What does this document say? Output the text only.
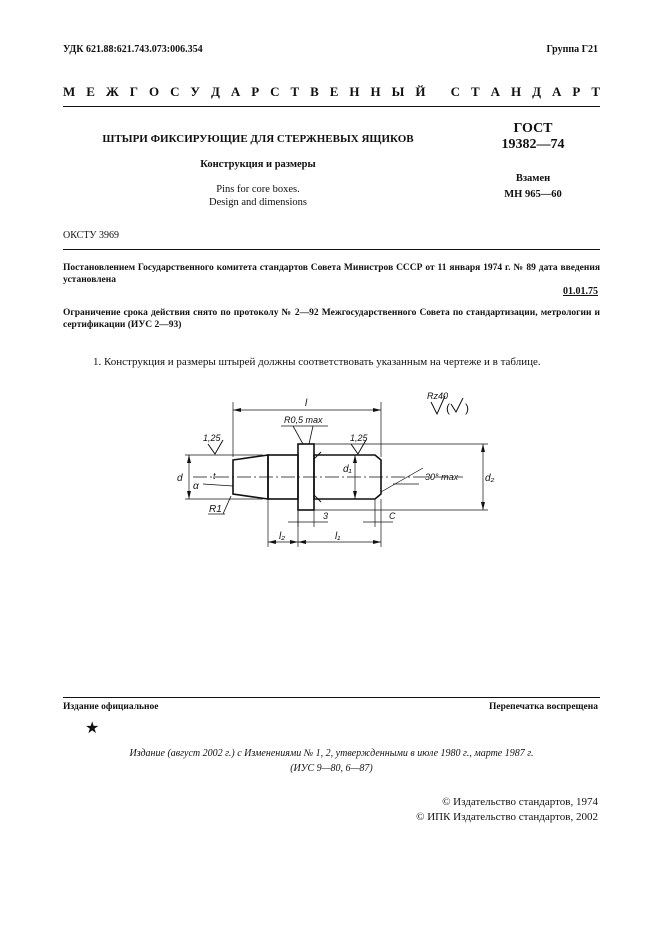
УДК 621.88:621.743.073:006.354	Группа Г21
М Е Ж Г О С У Д А Р С Т В Е Н Н Ы Й
С Т А Н Д А Р Т
ШТЫРИ ФИКСИРУЮЩИЕ ДЛЯ СТЕРЖНЕВЫХ ЯЩИКОВ
Конструкция и размеры
Pins for core boxes.
Design and dimensions
ГОСТ
19382—74
Взамен
МН 965—60
ОКСТУ 3969
Постановлением Государственного комитета стандартов Совета Министров СССР от 11 января 1974 г. № 89 дата введения установлена
01.01.75
Ограничение срока действия снято по протоколу № 2—92 Межгосударственного Совета по стандартизации, метрологии и сертификации (ИУС 2—93)
1. Конструкция и размеры штырей должны соответствовать указанным на чертеже и в таблице.
l
R0,5 max
1,25	1,25
Rz40
( )
d
α
t
R1
d₁
d₂
30° max
3	C
l₂	l₁
Издание официальное	Перепечатка воспрещена
★
Издание (август 2002 г.) с Изменениями № 1, 2, утвержденными в июле 1980 г., марте 1987 г.
(ИУС 9—80, 6—87)
© Издательство стандартов, 1974
© ИПК Издательство стандартов, 2002
